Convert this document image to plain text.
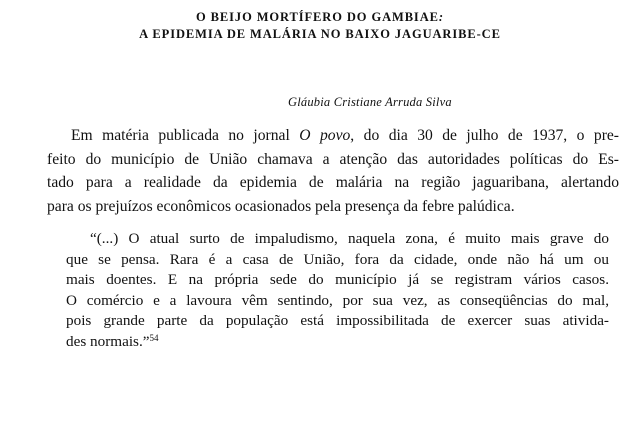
O BEIJO MORTÍFERO DO GAMBIAE:
A EPIDEMIA DE MALÁRIA NO BAIXO JAGUARIBE-CE
Gláubia Cristiane Arruda Silva
Em matéria publicada no jornal O povo, do dia 30 de julho de 1937, o pre-
feito do município de União chamava a atenção das autoridades políticas do Es-
tado para a realidade da epidemia de malária na região jaguaribana, alertando
para os prejuízos econômicos ocasionados pela presença da febre palúdica.
“(...) O atual surto de impaludismo, naquela zona, é muito mais grave do
que se pensa. Rara é a casa de União, fora da cidade, onde não há um ou
mais doentes. E na própria sede do município já se registram vários casos.
O comércio e a lavoura vêm sentindo, por sua vez, as conseqüências do mal,
pois grande parte da população está impossibilitada de exercer suas ativida-
des normais.”$^{54}$
